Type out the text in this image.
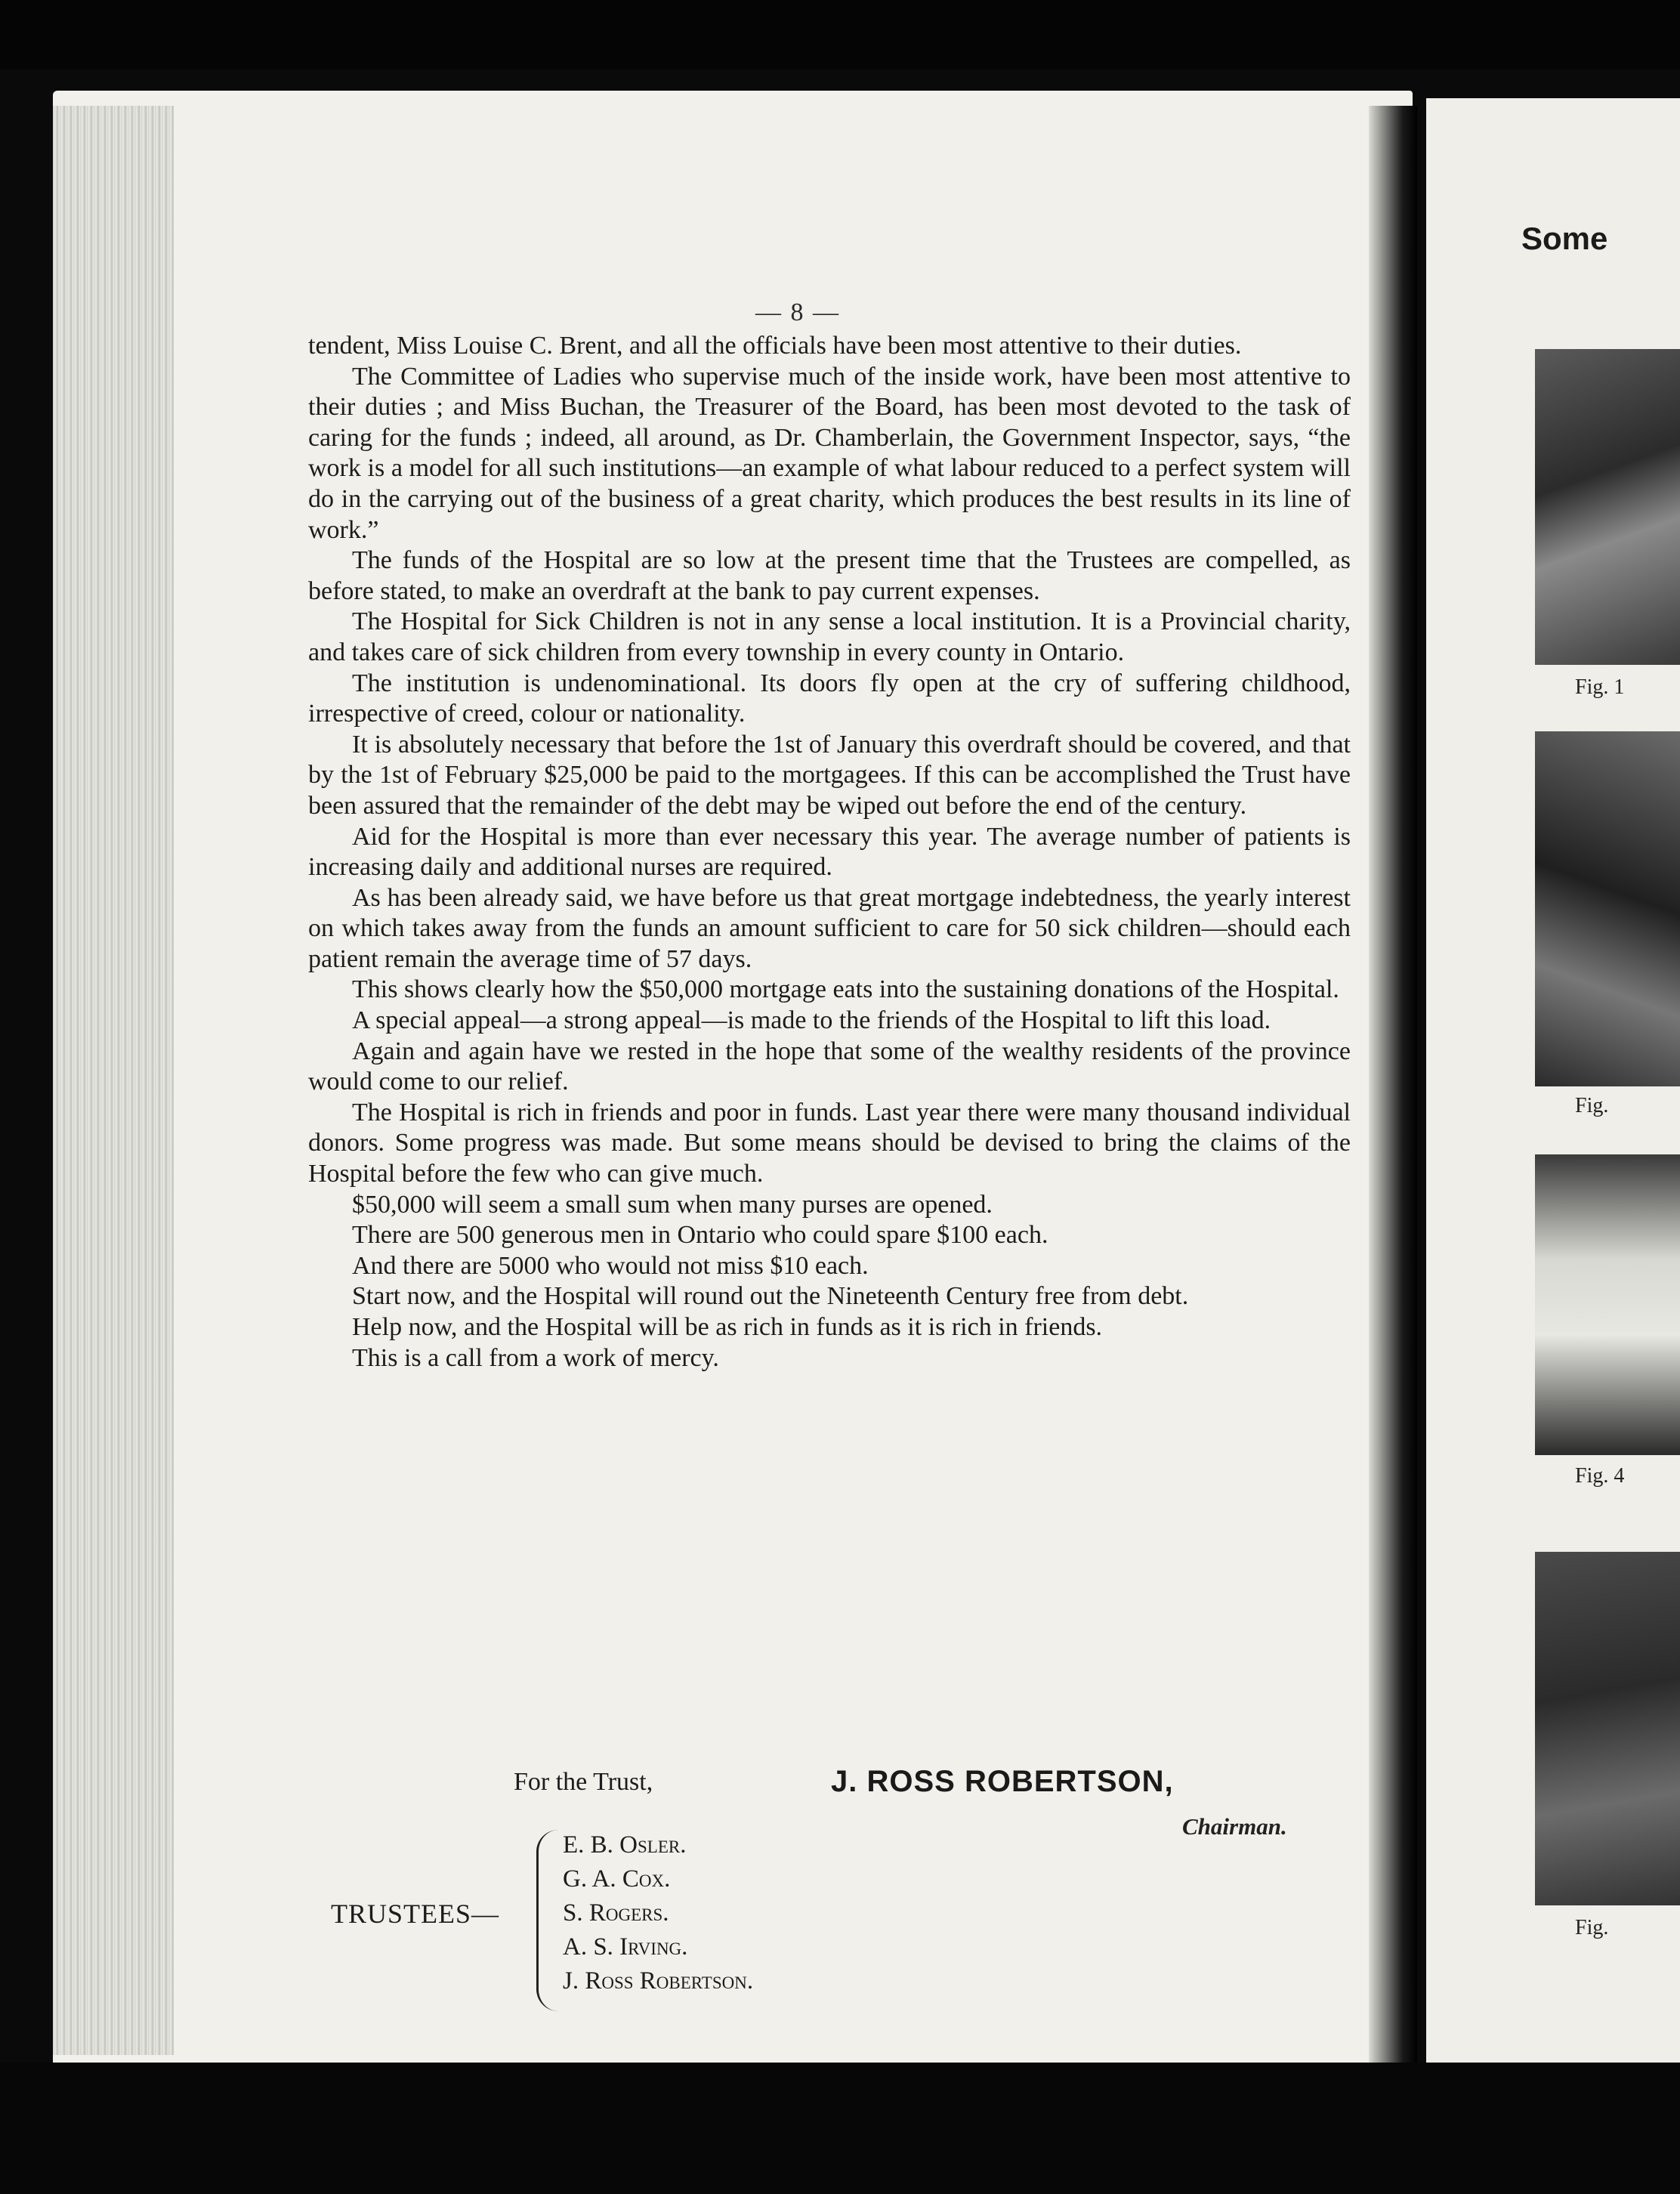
— 8 —

tendent, Miss Louise C. Brent, and all the officials have been most attentive to their duties.

The Committee of Ladies who supervise much of the inside work, have been most attentive to their duties ; and Miss Buchan, the Treasurer of the Board, has been most devoted to the task of caring for the funds ; indeed, all around, as Dr. Chamberlain, the Government Inspector, says, “the work is a model for all such institutions—an example of what labour reduced to a perfect system will do in the carrying out of the business of a great charity, which produces the best results in its line of work.”

The funds of the Hospital are so low at the present time that the Trustees are compelled, as before stated, to make an overdraft at the bank to pay current expenses.

The Hospital for Sick Children is not in any sense a local institution. It is a Provincial charity, and takes care of sick children from every township in every county in Ontario.

The institution is undenominational. Its doors fly open at the cry of suffering childhood, irrespective of creed, colour or nationality.

It is absolutely necessary that before the 1st of January this overdraft should be covered, and that by the 1st of February $25,000 be paid to the mortgagees. If this can be accomplished the Trust have been assured that the remainder of the debt may be wiped out before the end of the century.

Aid for the Hospital is more than ever necessary this year. The average number of patients is increasing daily and additional nurses are required.

As has been already said, we have before us that great mortgage indebtedness, the yearly interest on which takes away from the funds an amount sufficient to care for 50 sick children—should each patient remain the average time of 57 days.

This shows clearly how the $50,000 mortgage eats into the sustaining donations of the Hospital.

A special appeal—a strong appeal—is made to the friends of the Hospital to lift this load.

Again and again have we rested in the hope that some of the wealthy residents of the province would come to our relief.

The Hospital is rich in friends and poor in funds. Last year there were many thousand individual donors. Some progress was made. But some means should be devised to bring the claims of the Hospital before the few who can give much.

$50,000 will seem a small sum when many purses are opened.

There are 500 generous men in Ontario who could spare $100 each.

And there are 5000 who would not miss $10 each.

Start now, and the Hospital will round out the Nineteenth Century free from debt.

Help now, and the Hospital will be as rich in funds as it is rich in friends.

This is a call from a work of mercy.

For the Trust,	J. ROSS ROBERTSON,
Chairman.
TRUSTEES—
E. B. Osler.
G. A. Cox.
S. Rogers.
A. S. Irving.
J. Ross Robertson.
Some
Fig. 1
Fig.
Fig. 4
Fig.
